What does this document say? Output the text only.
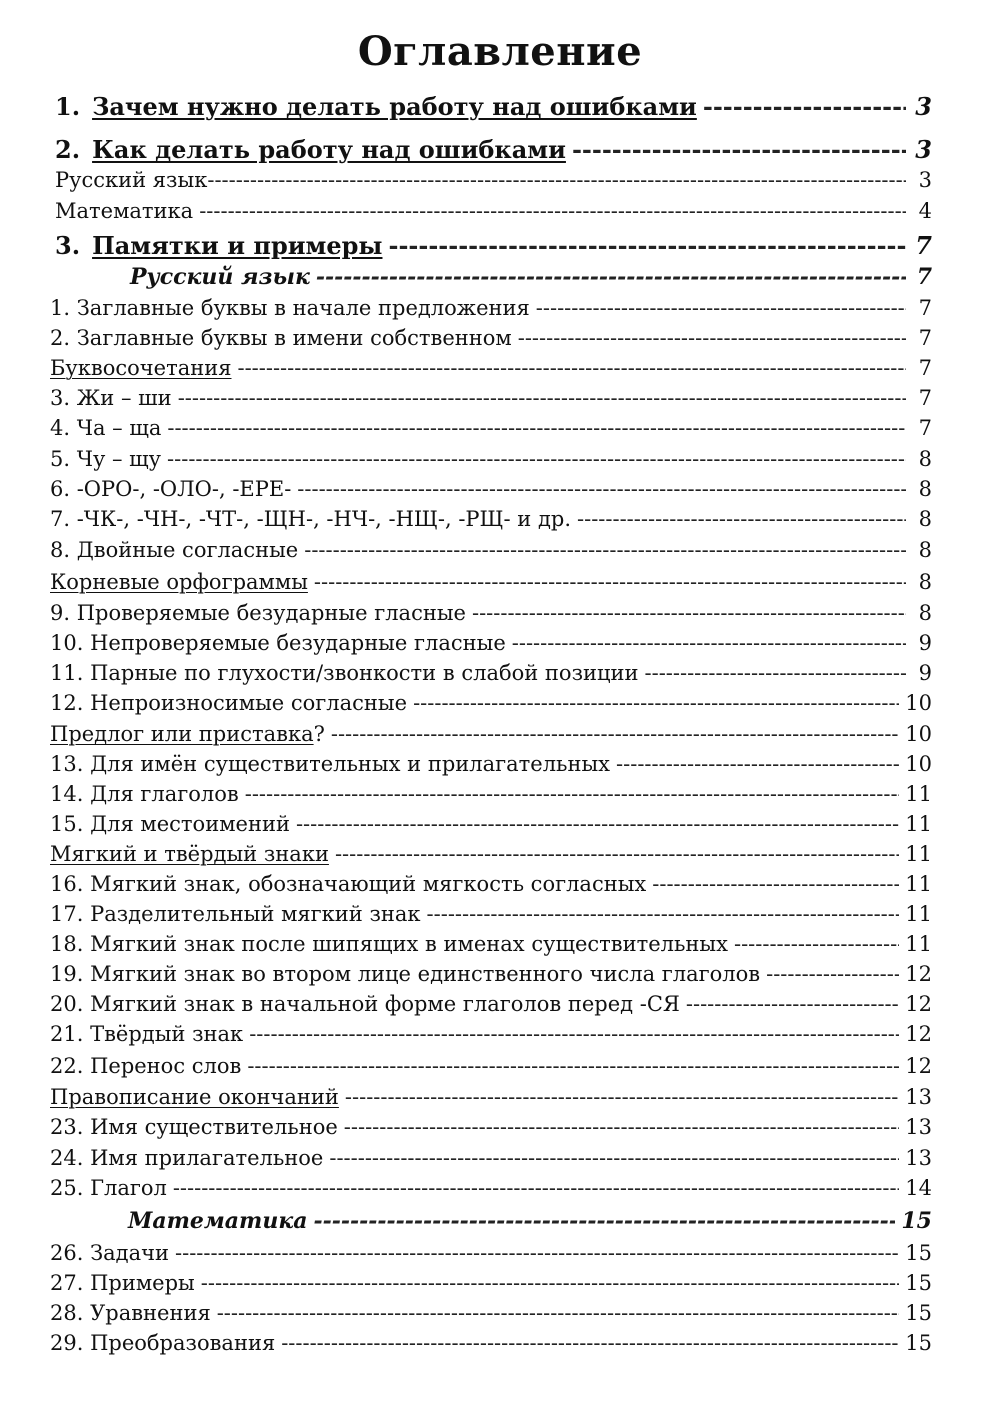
Оглавление
1. Зачем нужно делать работу над ошибками -----	3
2. Как делать работу над ошибками -----	3
Русский язык -----	3
Математика -----	4
3. Памятки и примеры -----	7
Русский язык -----	7
1. Заглавные буквы в начале предложения -----	7
2. Заглавные буквы в имени собственном -----	7
Буквосочетания -----	7
3. Жи – ши -----	7
4. Ча – ща -----	7
5. Чу – щу -----	8
6. -ОРО-, -ОЛО-, -ЕРЕ- -----	8
7. -ЧК-, -ЧН-, -ЧТ-, -ЩН-, -НЧ-, -НЩ-, -РЩ- и др. -----	8
8. Двойные согласные -----	8
Корневые орфограммы -----	8
9. Проверяемые безударные гласные -----	8
10. Непроверяемые безударные гласные -----	9
11. Парные по глухости/звонкости в слабой позиции -----	9
12. Непроизносимые согласные -----	10
Предлог или приставка ? -----	10
13. Для имён существительных и прилагательных -----	10
14. Для глаголов -----	11
15. Для местоимений -----	11
Мягкий и твёрдый знаки -----	11
16. Мягкий знак, обозначающий мягкость согласных -----	11
17. Разделительный мягкий знак -----	11
18. Мягкий знак после шипящих в именах существительных -----	11
19. Мягкий знак во втором лице единственного числа глаголов -----	12
20. Мягкий знак в начальной форме глаголов перед -СЯ -----	12
21. Твёрдый знак -----	12
22. Перенос слов -----	12
Правописание окончаний -----	13
23. Имя существительное -----	13
24. Имя прилагательное -----	13
25. Глагол -----	14
Математика -----	15
26. Задачи -----	15
27. Примеры -----	15
28. Уравнения -----	15
29. Преобразования -----	15
